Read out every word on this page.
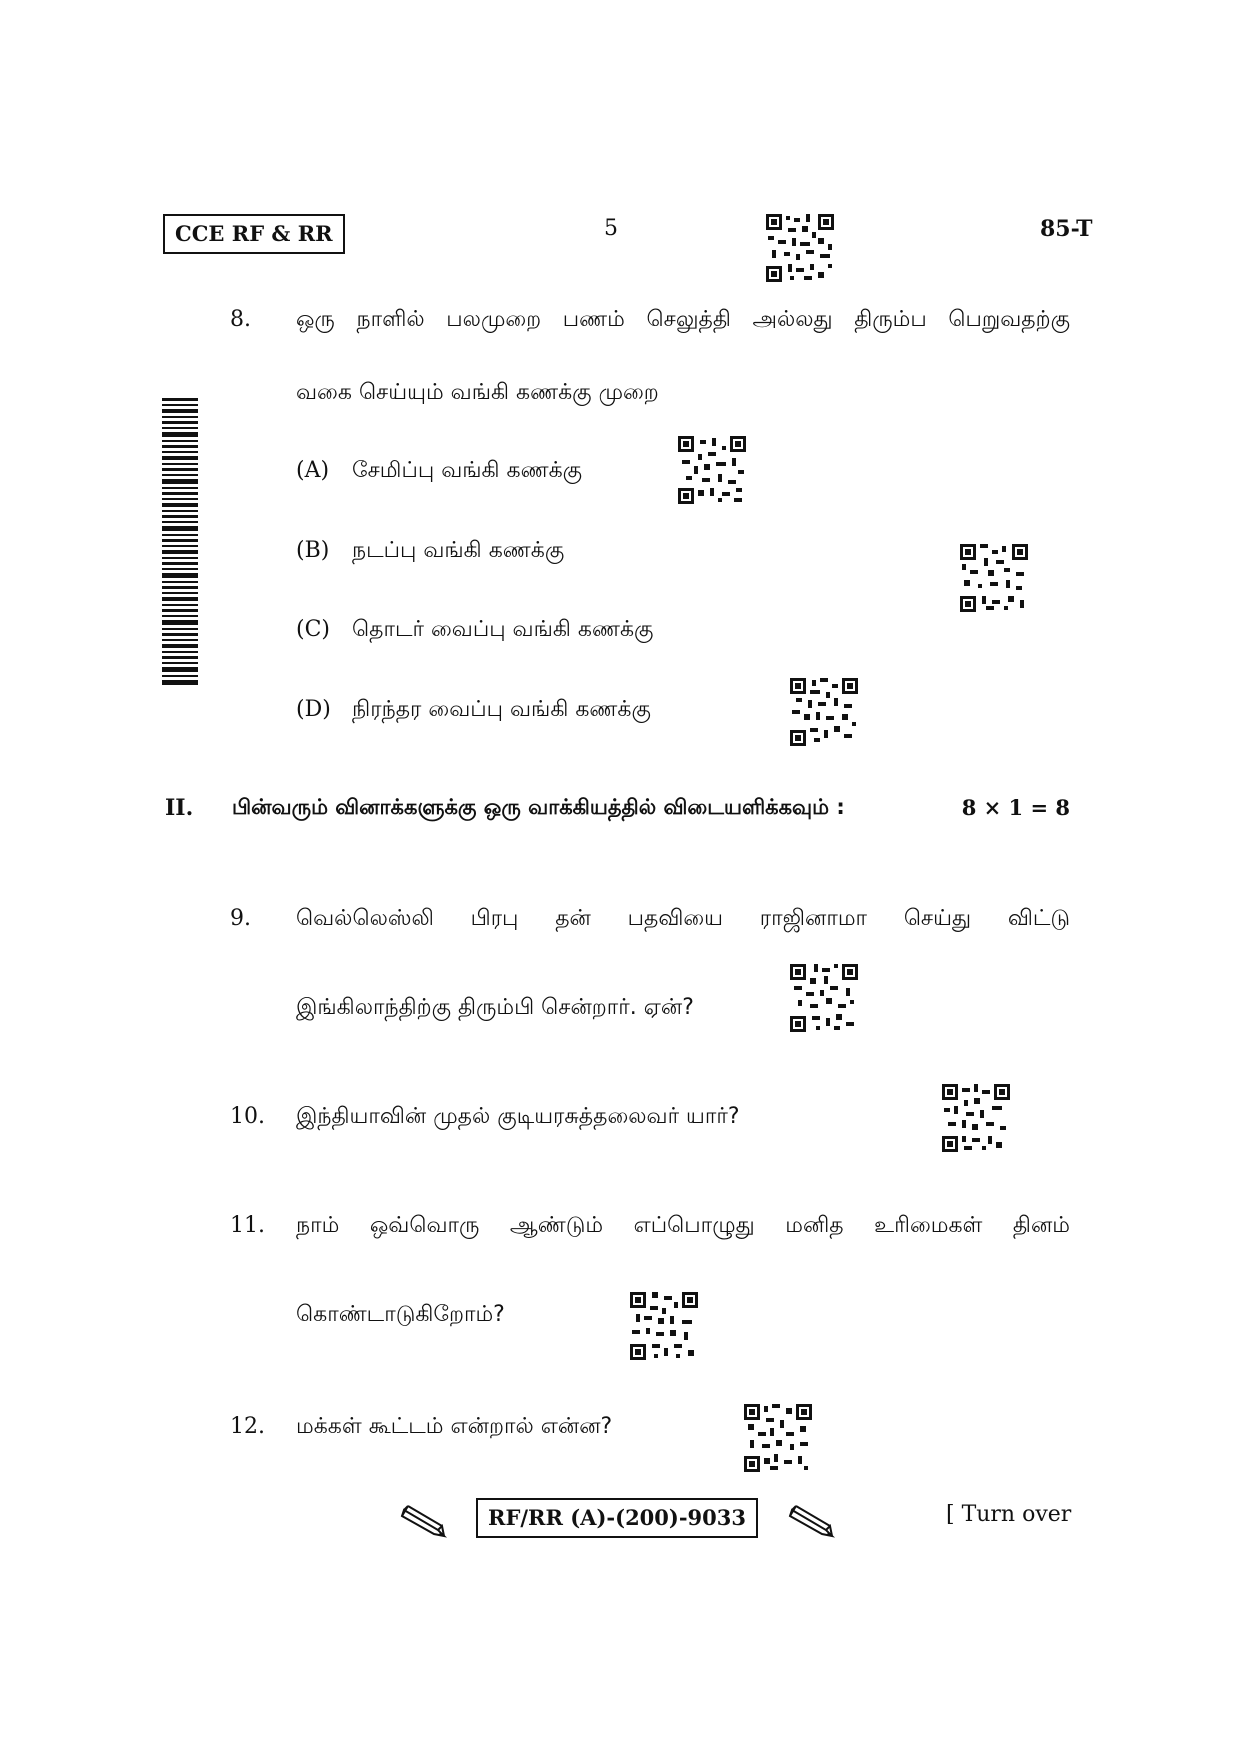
CCE RF & RR	5	85-T
8. ஒரு நாளில் பலமுறை பணம் செலுத்தி அல்லது திரும்ப பெறுவதற்கு
வகை செய்யும் வங்கி கணக்கு முறை
(A) சேமிப்பு வங்கி கணக்கு
(B) நடப்பு வங்கி கணக்கு
(C) தொடர் வைப்பு வங்கி கணக்கு
(D) நிரந்தர வைப்பு வங்கி கணக்கு
II. பின்வரும் வினாக்களுக்கு ஒரு வாக்கியத்தில் விடையளிக்கவும் :	8 × 1 = 8
9. வெல்லெஸ்லி பிரபு தன் பதவியை ராஜினாமா செய்து விட்டு
இங்கிலாந்திற்கு திரும்பி சென்றார். ஏன்?
10. இந்தியாவின் முதல் குடியரசுத்தலைவர் யார்?
11. நாம் ஒவ்வொரு ஆண்டும் எப்பொழுது மனித உரிமைகள் தினம்
கொண்டாடுகிறோம்?
12. மக்கள் கூட்டம் என்றால் என்ன?
RF/RR (A)-(200)-9033	[ Turn over
